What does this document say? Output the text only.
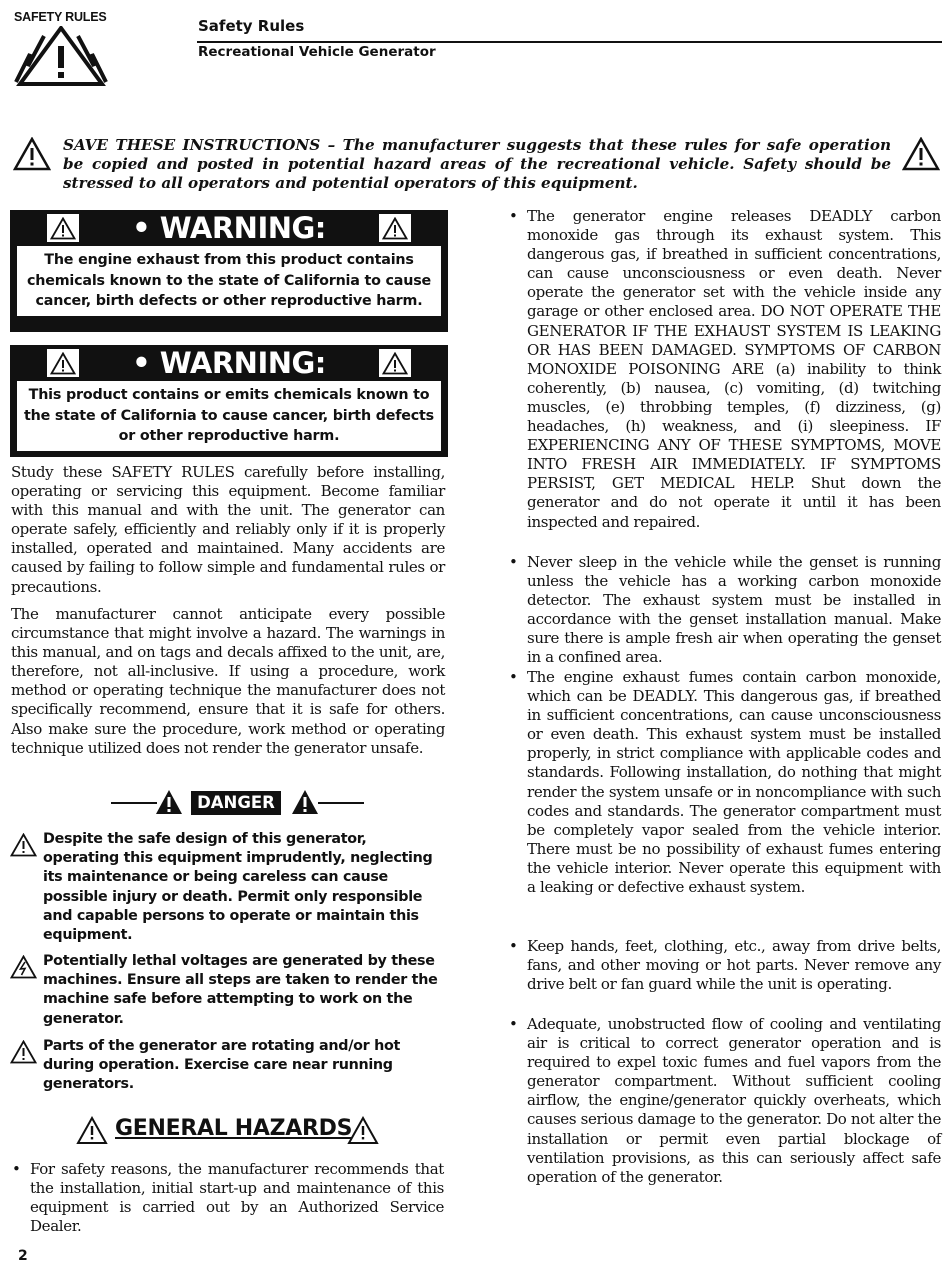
SAFETY RULES	Safety Rules
Recreational Vehicle Generator
SAVE THESE INSTRUCTIONS – The manufacturer suggests that these rules for safe operation be copied and posted in potential hazard areas of the recreational vehicle. Safety should be stressed to all operators and potential operators of this equipment.
• WARNING:
The engine exhaust from this product contains chemicals known to the state of California to cause cancer, birth defects or other reproductive harm.
• WARNING:
This product contains or emits chemicals known to the state of California to cause cancer, birth defects or other reproductive harm.
Study these SAFETY RULES carefully before installing, operating or servicing this equipment. Become familiar with this manual and with the unit. The generator can operate safely, efficiently and reliably only if it is properly installed, operated and maintained. Many accidents are caused by failing to follow simple and fundamental rules or precautions.
The manufacturer cannot anticipate every possible circumstance that might involve a hazard. The warnings in this manual, and on tags and decals affixed to the unit, are, therefore, not all-inclusive. If using a procedure, work method or operating technique the manufacturer does not specifically recommend, ensure that it is safe for others. Also make sure the procedure, work method or operating technique utilized does not render the generator unsafe.
DANGER
Despite the safe design of this generator, operating this equipment imprudently, neglecting its maintenance or being careless can cause possible injury or death. Permit only responsible and capable persons to operate or maintain this equipment.
Potentially lethal voltages are generated by these machines. Ensure all steps are taken to render the machine safe before attempting to work on the generator.
Parts of the generator are rotating and/or hot during operation. Exercise care near running generators.
GENERAL HAZARDS
• For safety reasons, the manufacturer recommends that the installation, initial start-up and maintenance of this equipment is carried out by an Authorized Service Dealer.
• The generator engine releases DEADLY carbon monoxide gas through its exhaust system. This dangerous gas, if breathed in sufficient concentrations, can cause unconsciousness or even death. Never operate the generator set with the vehicle inside any garage or other enclosed area. DO NOT OPERATE THE GENERATOR IF THE EXHAUST SYSTEM IS LEAKING OR HAS BEEN DAMAGED. SYMPTOMS OF CARBON MONOXIDE POISONING ARE (a) inability to think coherently, (b) nausea, (c) vomiting, (d) twitching muscles, (e) throbbing temples, (f) dizziness, (g) headaches, (h) weakness, and (i) sleepiness. IF EXPERIENCING ANY OF THESE SYMPTOMS, MOVE INTO FRESH AIR IMMEDIATELY. IF SYMPTOMS PERSIST, GET MEDICAL HELP. Shut down the generator and do not operate it until it has been inspected and repaired.
• Never sleep in the vehicle while the genset is running unless the vehicle has a working carbon monoxide detector. The exhaust system must be installed in accordance with the genset installation manual. Make sure there is ample fresh air when operating the genset in a confined area.
• The engine exhaust fumes contain carbon monoxide, which can be DEADLY. This dangerous gas, if breathed in sufficient concentrations, can cause unconsciousness or even death. This exhaust system must be installed properly, in strict compliance with applicable codes and standards. Following installation, do nothing that might render the system unsafe or in noncompliance with such codes and standards. The generator compartment must be completely vapor sealed from the vehicle interior. There must be no possibility of exhaust fumes entering the vehicle interior. Never operate this equipment with a leaking or defective exhaust system.
• Keep hands, feet, clothing, etc., away from drive belts, fans, and other moving or hot parts. Never remove any drive belt or fan guard while the unit is operating.
• Adequate, unobstructed flow of cooling and ventilating air is critical to correct generator operation and is required to expel toxic fumes and fuel vapors from the generator compartment. Without sufficient cooling airflow, the engine/generator quickly overheats, which causes serious damage to the generator. Do not alter the installation or permit even partial blockage of ventilation provisions, as this can seriously affect safe operation of the generator.
2
